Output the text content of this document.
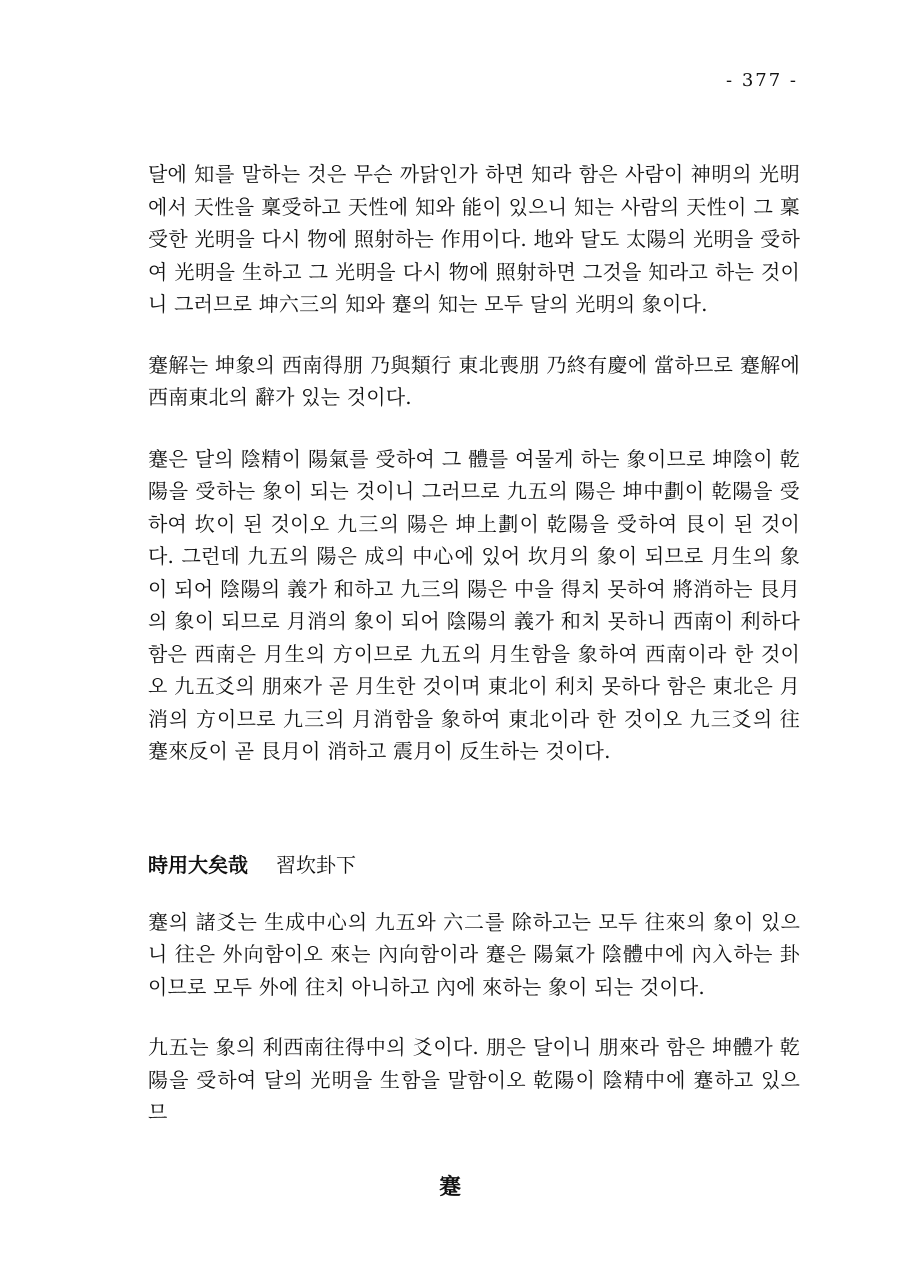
- 377 -

달에 知를 말하는 것은 무슨 까닭인가 하면 知라 함은 사람이 神明의 光明에서 天性을 稟受하고 天性에 知와 能이 있으니 知는 사람의 天性이 그 稟受한 光明을 다시 物에 照射하는 作用이다. 地와 달도 太陽의 光明을 受하여 光明을 生하고 그 光明을 다시 物에 照射하면 그것을 知라고 하는 것이니 그러므로 坤六三의 知와 蹇의 知는 모두 달의 光明의 象이다.

蹇解는 坤象의 西南得朋 乃與類行 東北喪朋 乃終有慶에 當하므로 蹇解에 西南東北의 辭가 있는 것이다.

蹇은 달의 陰精이 陽氣를 受하여 그 體를 여물게 하는 象이므로 坤陰이 乾陽을 受하는 象이 되는 것이니 그러므로 九五의 陽은 坤中劃이 乾陽을 受하여 坎이 된 것이오 九三의 陽은 坤上劃이 乾陽을 受하여 艮이 된 것이다. 그런데 九五의 陽은 成의 中心에 있어 坎月의 象이 되므로 月生의 象이 되어 陰陽의 義가 和하고 九三의 陽은 中을 得치 못하여 將消하는 艮月의 象이 되므로 月消의 象이 되어 陰陽의 義가 和치 못하니 西南이 利하다 함은 西南은 月生의 方이므로 九五의 月生함을 象하여 西南이라 한 것이오 九五爻의 朋來가 곧 月生한 것이며 東北이 利치 못하다 함은 東北은 月消의 方이므로 九三의 月消함을 象하여 東北이라 한 것이오 九三爻의 往蹇來反이 곧 艮月이 消하고 震月이 反生하는 것이다.

時用大矣哉 習坎卦下

蹇의 諸爻는 生成中心의 九五와 六二를 除하고는 모두 往來의 象이 있으니 往은 外向함이오 來는 內向함이라 蹇은 陽氣가 陰體中에 內入하는 卦이므로 모두 外에 往치 아니하고 內에 來하는 象이 되는 것이다.

九五는 象의 利西南往得中의 爻이다. 朋은 달이니 朋來라 함은 坤體가 乾陽을 受하여 달의 光明을 生함을 말함이오 乾陽이 陰精中에 蹇하고 있으므

蹇
